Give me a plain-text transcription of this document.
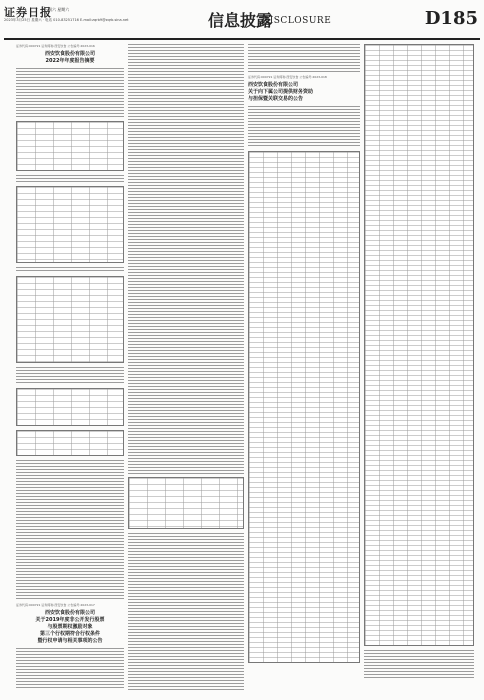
证券日报
周六 星期六
2023年3月25日 星期六 · 电话 010-83251716 E-mail:zqrb9@zqrb.sina.net	信息披露
DISCLOSURE	D185
证券代码:000721 证券简称:西安饮食 公告编号:2023-016
西安饮食股份有限公司
2022年年度报告摘要
证券代码:000721 证券简称:西安饮食 公告编号:2023-017
西安饮食股份有限公司
关于2019年度非公开发行股票
与股票期权激励对象
第三个行权期符合行权条件
暨行权申请与相关事项的公告
证券代码:000721 证券简称:西安饮食 公告编号:2023-018
西安饮食股份有限公司
关于向下属公司提供财务资助
与担保暨关联交易的公告
